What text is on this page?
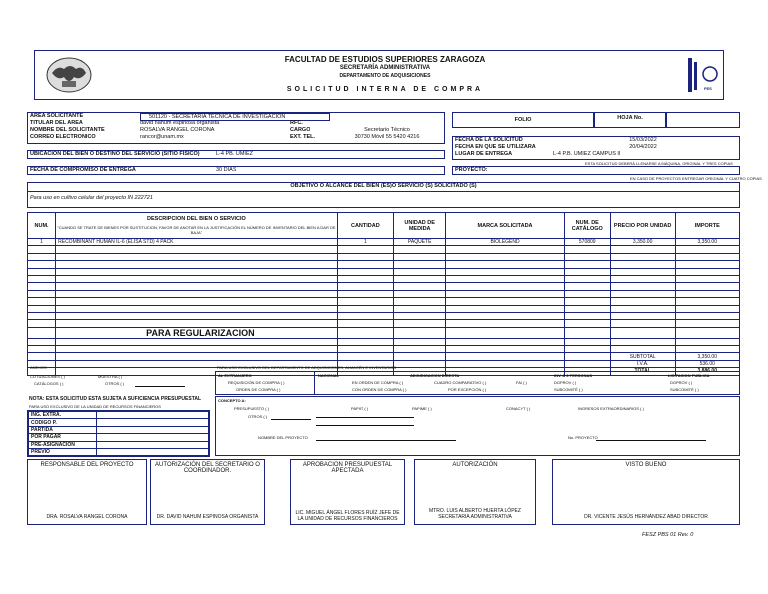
FES
FACULTAD DE ESTUDIOS SUPERIORES ZARAGOZA
SECRETARÍA ADMINISTRATIVA
DEPARTAMENTO DE ADQUISICIONES
SOLICITUD INTERNA DE COMPRA
AREA SOLICITANTE	501120 - SECRETARIA TÉCNICA DE INVESTIGACIÓN
TITULAR DEL AREA	david nahum espinosa organista	RFC.
NOMBRE DEL SOLICITANTE	ROSALVA RANGEL CORONA	CARGO	Secretario Técnico
CORREO ELECTRONICO	rancor@unam.mx	EXT. TEL.	30730 Móvil 55 5420 4216
FOLIO	HOJA No.
FECHA DE LA SOLICITUD	15/03/2022
FECHA EN QUE SE UTILIZARA	20/04/2022
LUGAR DE ENTREGA	L-4 P.B. UMIEZ CAMPUS II
UBICACION DEL BIEN O DESTINO DEL SERVICIO (SITIO FISICO)	L-4 PB. UMIEZ
PROYECTO:
ESTA SOLICITUD DEBERÁ LLENARSE A MÁQUINA, ORIGINAL Y TRES COPIAS
FECHA DE COMPROMISO DE ENTREGA	30 DIAS
EN CASO DE PROYECTOS ENTREGAR ORIGINAL Y CUATRO COPIAS
OBJETIVO O ALCANCE DEL BIEN (ES)O SERVICIO (S) SOLICITADO (S)
Para uso en cultivo celular del proyecto IN 222721
NUM.	DESCRIPCION DEL BIEN O SERVICIO
"CUANDO SE TRATE DE BIENES POR SUSTITUCION, FAVOR DE ANOTAR EN LA JUSTIFICACIÓN EL NÚMERO DE INVENTARIO DEL BIEN A DAR DE BAJA"	CANTIDAD	UNIDAD DE MEDIDA	MARCA SOLICITADA	NUM. DE CATÁLOGO	PRECIO POR UNIDAD	IMPORTE
1	RECOMBINANT HUMAN IL-6 (ELISA STD) 4 PACK	1	PAQUETE	BIOLEGEND	570809	3,350.00	3,350.00

	PARA REGULARIZACION						

						SUBTOTAL	3,350.00
						I.V.A.	536.00
						TOTAL	3,886.00
ANEXOS
COTIZACIONES ( )	MUESTRA ( )
CATÁLOGOS ( )	OTROS ( )
PARA USO EXCLUSIVO DEL DEPARTAMENTO DE ADQUISICIONES, ALMACÉN E INVENTARIOS
AL EXTRANJERO
REQUISICIÓN DE COMPRA ( )
ORDEN DE COMPRA ( )
NACIONAL
EN ORDEN DE COMPRA ( )
CON ORDEN DE COMPRA ( )
ADJUDICACION DIRECTA
CUADRO COMPARATIVO ( )	FAI ( )
POR EXCEPCIÓN ( )
INV. A 3 PERSONAS
DGPROV ( )
SUBCOMITÉ ( )
LICITACION PUBLICA
DGPROV ( )
SUBCOMITÉ ( )
NOTA: ESTA SOLICITUD ESTA SUJETA A SUFICIENCIA PRESUPUESTAL
PARA USO EXCLUSIVO DE LA UNIDAD DE RECURSOS FINANCIEROS
ING. EXTRA.	
CODIGO P.	
PARTIDA	
POR PAGAR	
PRE-ASIGNACIÓN	
PREVIO	
CONCEPTO A:
PRESUPUESTO ( )
OTROS ( )
PAPIIT ( )	PAPIME ( )	CONACYT ( )	INGRESOS EXTRAORDINARIOS ( )
NOMBRE DEL PROYECTO	No. PROYECTO
RESPONSABLE DEL PROYECTO
DRA. ROSALVA RANGEL CORONA
AUTORIZACIÓN DEL SECRETARIO O COORDINADOR.
DR. DAVID NAHUM ESPINOSA ORGANISTA
APROBACION PRESUPUESTAL APECTADA
LIC. MIGUEL ÁNGEL FLORES RUÍZ JEFE DE LA UNIDAD DE RECURSOS FINANCIEROS
AUTORIZACIÓN
MTRO. LUIS ALBERTO HUERTA LÓPEZ SECRETARIA ADMINISTRATIVA
VISTO BUENO
DR. VICENTE JESÚS HERNÁNDEZ ABAD DIRECTOR
FESZ PBS 01 Rev. 0
